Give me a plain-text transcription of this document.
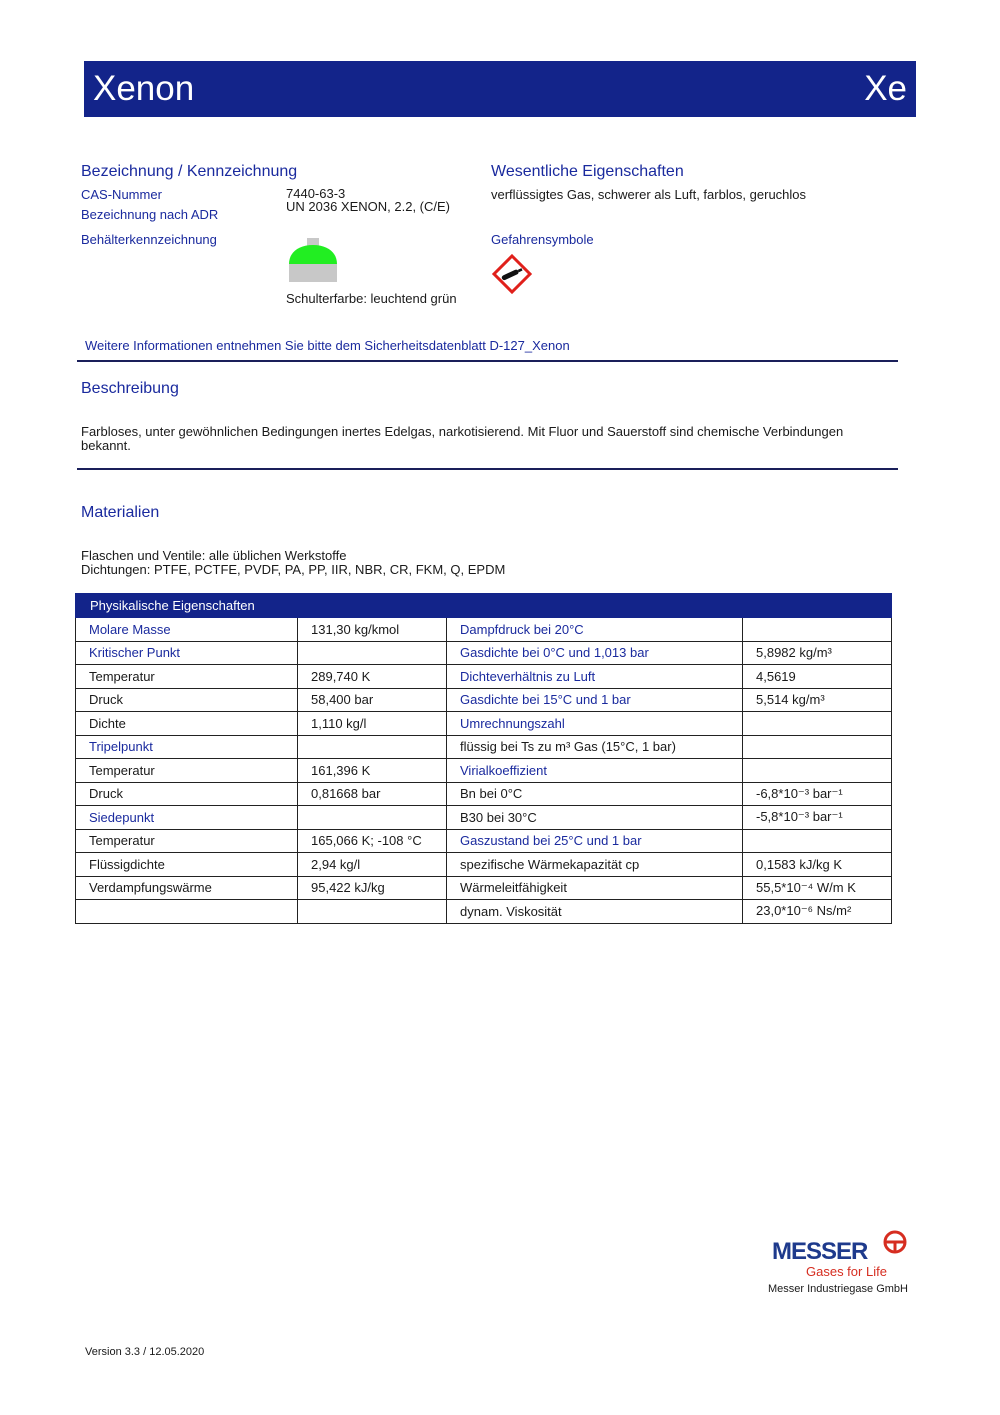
Xenon	Xe
Bezeichnung / Kennzeichnung
CAS-Nummer	7440-63-3
Bezeichnung nach ADR
UN 2036 XENON, 2.2, (C/E)
Behälterkennzeichnung
Schulterfarbe: leuchtend grün
Wesentliche Eigenschaften
verflüssigtes Gas, schwerer als Luft, farblos, geruchlos
Gefahrensymbole
Weitere Informationen entnehmen Sie bitte dem Sicherheitsdatenblatt D-127_Xenon
Beschreibung
Farbloses, unter gewöhnlichen Bedingungen inertes Edelgas, narkotisierend. Mit Fluor und Sauerstoff sind chemische Verbindungen bekannt.
Materialien
Flaschen und Ventile: alle üblichen Werkstoffe
Dichtungen: PTFE, PCTFE, PVDF, PA, PP, IIR, NBR, CR, FKM, Q, EPDM
Physikalische Eigenschaften			
Molare Masse	131,30 kg/kmol	Dampfdruck bei 20°C	
Kritischer Punkt		Gasdichte bei 0°C und 1,013 bar	5,8982 kg/m³
Temperatur	289,740 K	Dichteverhältnis zu Luft	4,5619
Druck	58,400 bar	Gasdichte bei 15°C und 1 bar	5,514 kg/m³
Dichte	1,110 kg/l	Umrechnungszahl	
Tripelpunkt		flüssig bei Ts zu m³ Gas (15°C, 1 bar)	
Temperatur	161,396 K	Virialkoeffizient	
Druck	0,81668 bar	Bn bei 0°C	-6,8*10⁻³ bar⁻¹
Siedepunkt		B30 bei 30°C	-5,8*10⁻³ bar⁻¹
Temperatur	165,066 K; -108 °C	Gaszustand bei 25°C und 1 bar	
Flüssigdichte	2,94 kg/l	spezifische Wärmekapazität cp	0,1583 kJ/kg K
Verdampfungswärme	95,422 kJ/kg	Wärmeleitfähigkeit	55,5*10⁻⁴ W/m K
		dynam. Viskosität	23,0*10⁻⁶ Ns/m²
MESSER
Gases for Life
Messer Industriegase GmbH
Version 3.3 / 12.05.2020
